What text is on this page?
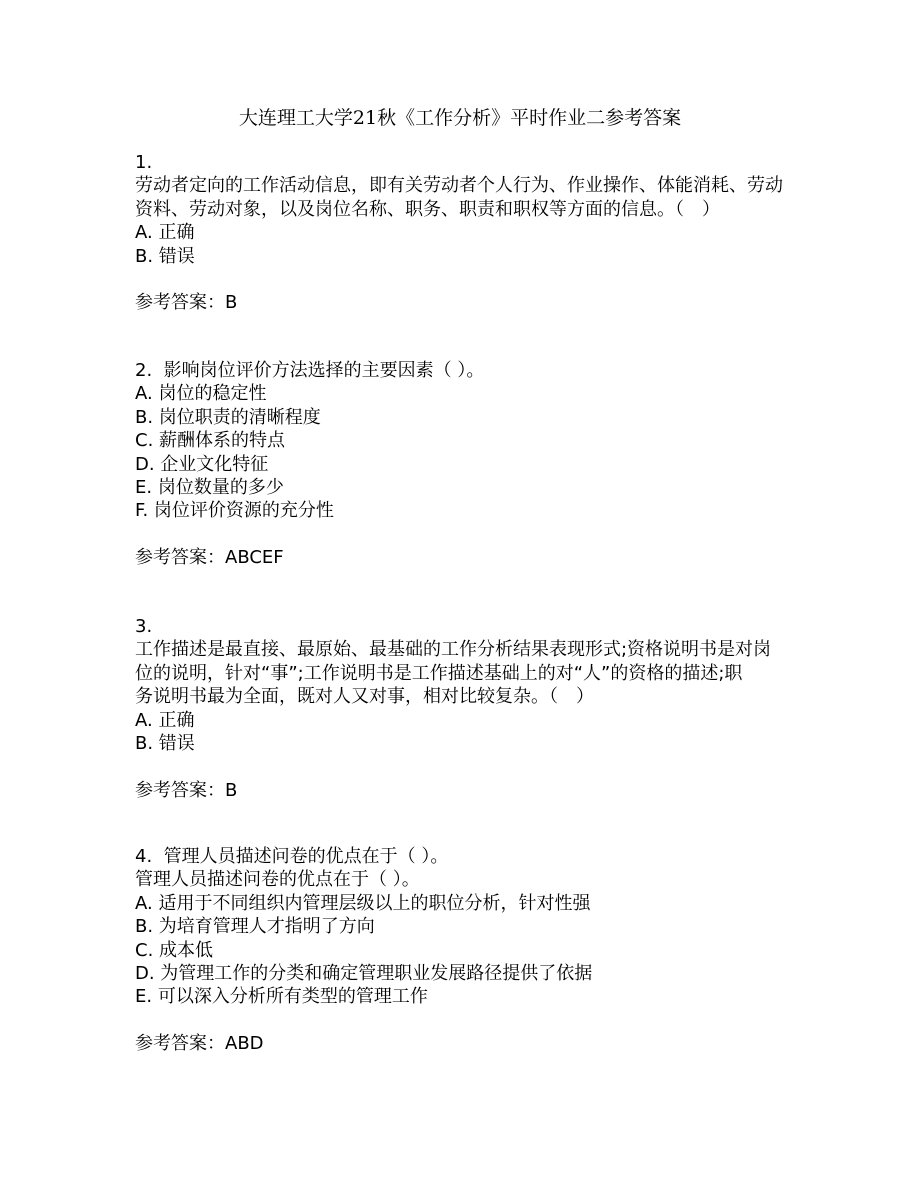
大连理工大学21秋《工作分析》平时作业二参考答案
1.
劳动者定向的工作活动信息，即有关劳动者个人行为、作业操作、体能消耗、劳动
资料、劳动对象，以及岗位名称、职务、职责和职权等方面的信息。（　）
A. 正确
B. 错误
参考答案：B
2. 影响岗位评价方法选择的主要因素（ ）。
A. 岗位的稳定性
B. 岗位职责的清晰程度
C. 薪酬体系的特点
D. 企业文化特征
E. 岗位数量的多少
F. 岗位评价资源的充分性
参考答案：ABCEF
3.
工作描述是最直接、最原始、最基础的工作分析结果表现形式;资格说明书是对岗
位的说明，针对“事”;工作说明书是工作描述基础上的对“人”的资格的描述;职
务说明书最为全面，既对人又对事，相对比较复杂。（　）
A. 正确
B. 错误
参考答案：B
4. 管理人员描述问卷的优点在于（ ）。
管理人员描述问卷的优点在于（ ）。
A. 适用于不同组织内管理层级以上的职位分析，针对性强
B. 为培育管理人才指明了方向
C. 成本低
D. 为管理工作的分类和确定管理职业发展路径提供了依据
E. 可以深入分析所有类型的管理工作
参考答案：ABD
